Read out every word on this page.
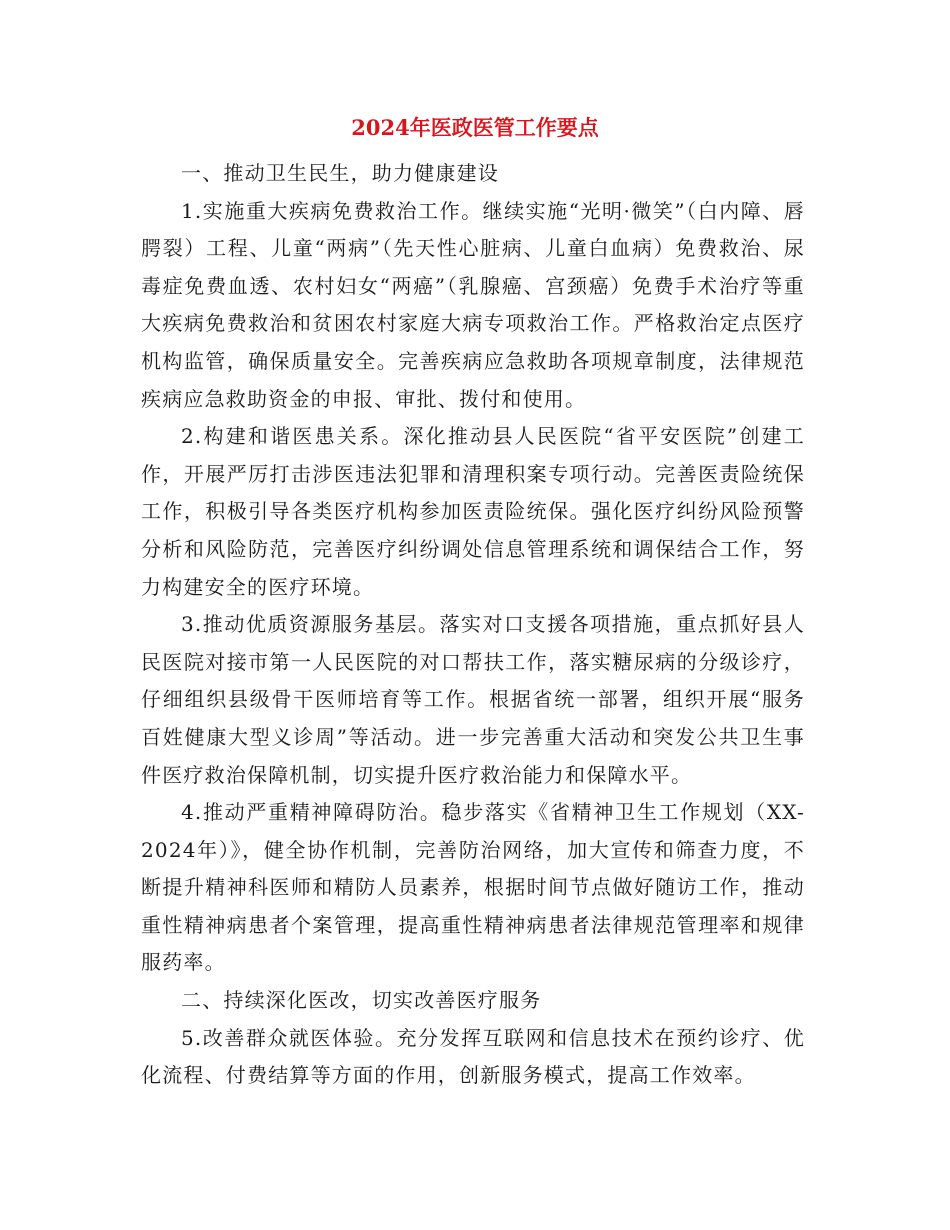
2024年医政医管工作要点

一、推动卫生民生，助力健康建设

1.实施重大疾病免费救治工作。继续实施“光明·微笑”（白内障、唇腭裂）工程、儿童“两病”（先天性心脏病、儿童白血病）免费救治、尿毒症免费血透、农村妇女“两癌”（乳腺癌、宫颈癌）免费手术治疗等重大疾病免费救治和贫困农村家庭大病专项救治工作。严格救治定点医疗机构监管，确保质量安全。完善疾病应急救助各项规章制度，法律规范疾病应急救助资金的申报、审批、拨付和使用。

2.构建和谐医患关系。深化推动县人民医院“省平安医院”创建工作，开展严厉打击涉医违法犯罪和清理积案专项行动。完善医责险统保工作，积极引导各类医疗机构参加医责险统保。强化医疗纠纷风险预警分析和风险防范，完善医疗纠纷调处信息管理系统和调保结合工作，努力构建安全的医疗环境。

3.推动优质资源服务基层。落实对口支援各项措施，重点抓好县人民医院对接市第一人民医院的对口帮扶工作，落实糖尿病的分级诊疗，仔细组织县级骨干医师培育等工作。根据省统一部署，组织开展“服务百姓健康大型义诊周”等活动。进一步完善重大活动和突发公共卫生事件医疗救治保障机制，切实提升医疗救治能力和保障水平。

4.推动严重精神障碍防治。稳步落实《省精神卫生工作规划（XX-2024年）》，健全协作机制，完善防治网络，加大宣传和筛查力度，不断提升精神科医师和精防人员素养，根据时间节点做好随访工作，推动重性精神病患者个案管理，提高重性精神病患者法律规范管理率和规律服药率。

二、持续深化医改，切实改善医疗服务

5.改善群众就医体验。充分发挥互联网和信息技术在预约诊疗、优化流程、付费结算等方面的作用，创新服务模式，提高工作效率。
